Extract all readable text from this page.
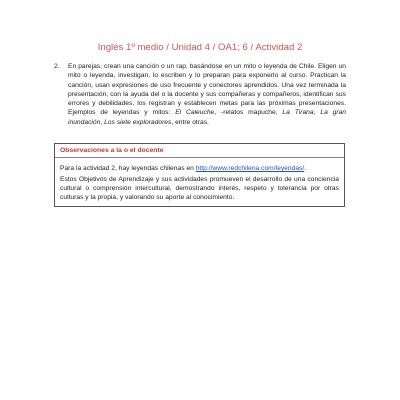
Inglés 1º medio / Unidad 4 / OA1; 6 / Actividad 2
2. En parejas, crean una canción o un rap, basándose en un mito o leyenda de Chile. Eligen un mito o leyenda, investigan, lo escriben y lo preparan para exponerlo al curso. Practican la canción, usan expresiones de uso frecuente y conectores aprendidos. Una vez terminada la presentación, con la ayuda del o la docente y sus compañeras y compañeros, identifican sus errores y debilidades, los registran y establecen metas para las próximas presentaciones. Ejemplos de leyendas y mitos: El Caleuche, -relatos mapuche, La Tirana, La gran inundación, Los siete exploradores, entre otras.
Observaciones a la o el docente

Para la actividad 2, hay leyendas chilenas en http://www.redchilena.com/leyendas/.

Estos Objetivos de Aprendizaje y sus actividades promueven el desarrollo de una conciencia cultural o comprensión intercultural, demostrando interés, respeto y tolerancia por otras culturas y la propia, y valorando su aporte al conocimiento.
